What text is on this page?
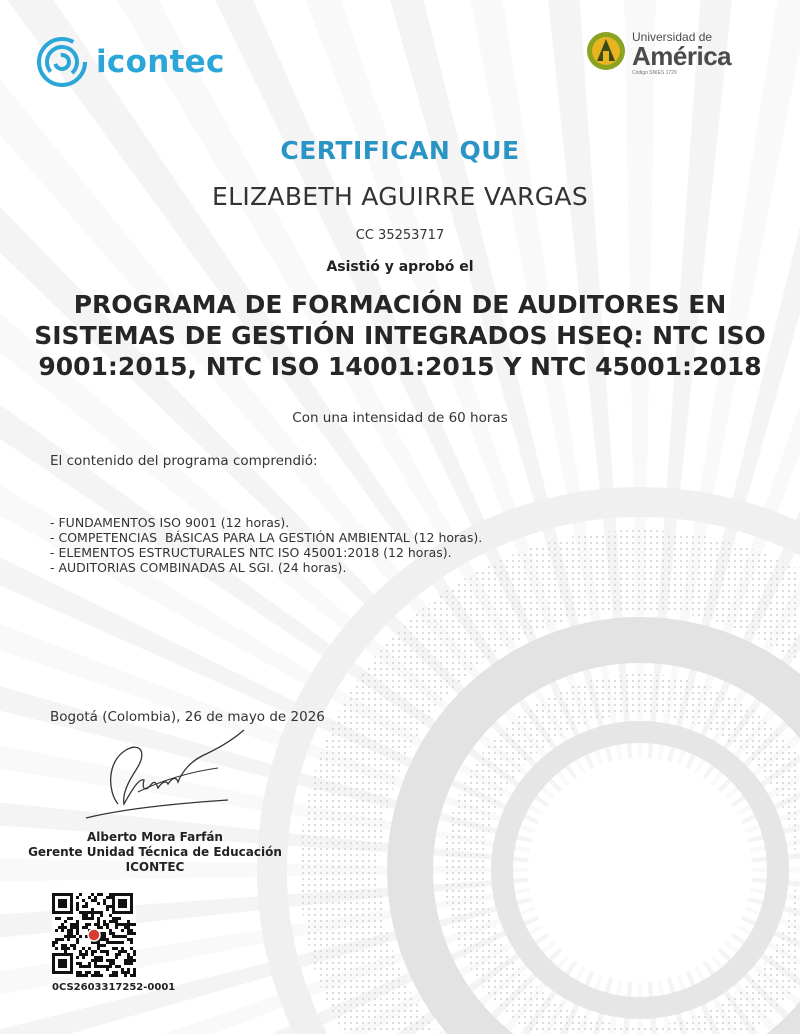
icontec
Universidad de
América
Código SNIES 1729
CERTIFICAN QUE
ELIZABETH AGUIRRE VARGAS
CC 35253717
Asistió y aprobó el
PROGRAMA DE FORMACIÓN DE AUDITORES EN SISTEMAS DE GESTIÓN INTEGRADOS HSEQ: NTC ISO 9001:2015, NTC ISO 14001:2015 Y NTC 45001:2018
Con una intensidad de 60 horas
El contenido del programa comprendió:
- FUNDAMENTOS ISO 9001 (12 horas).
- COMPETENCIAS  BÁSICAS PARA LA GESTIÓN AMBIENTAL (12 horas).
- ELEMENTOS ESTRUCTURALES NTC ISO 45001:2018 (12 horas).
- AUDITORIAS COMBINADAS AL SGI. (24 horas).
Bogotá (Colombia), 26 de mayo de 2026
Alberto Mora Farfán
Gerente Unidad Técnica de Educación ICONTEC
0CS2603317252-0001
